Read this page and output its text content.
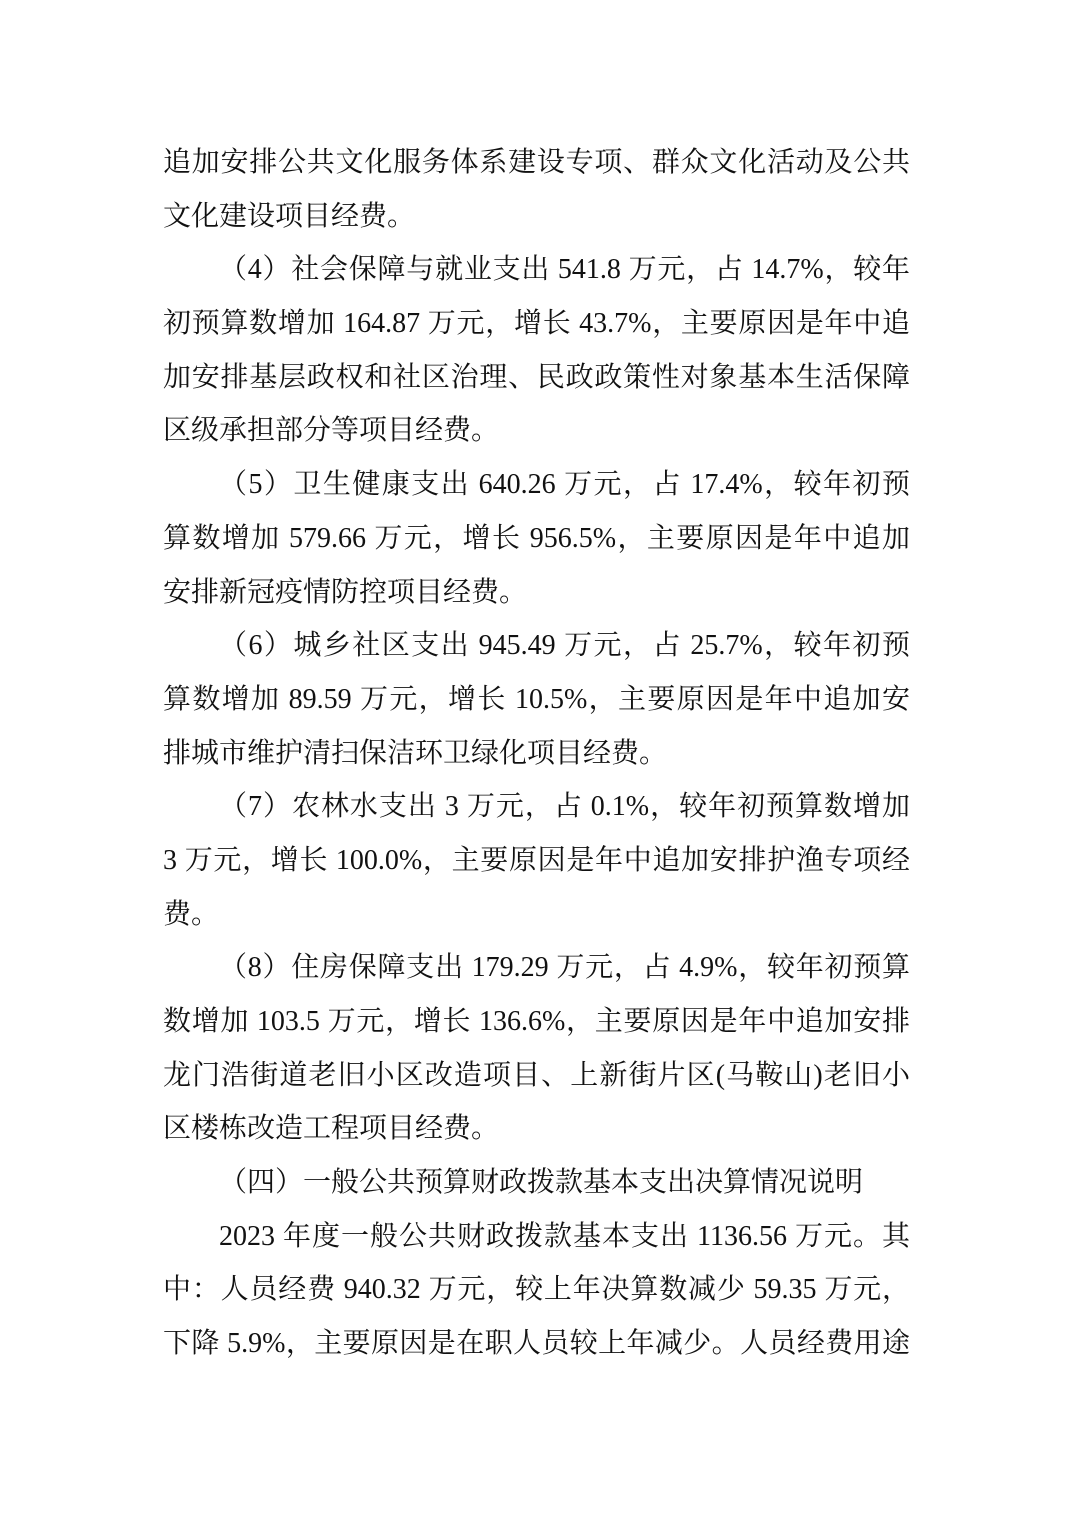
追加安排公共文化服务体系建设专项、群众文化活动及公共
文化建设项目经费。
（4）社会保障与就业支出 541.8 万元，占 14.7%，较年
初预算数增加 164.87 万元，增长 43.7%，主要原因是年中追
加安排基层政权和社区治理、民政政策性对象基本生活保障
区级承担部分等项目经费。
（5）卫生健康支出 640.26 万元，占 17.4%，较年初预
算数增加 579.66 万元，增长 956.5%，主要原因是年中追加
安排新冠疫情防控项目经费。
（6）城乡社区支出 945.49 万元，占 25.7%，较年初预
算数增加 89.59 万元，增长 10.5%，主要原因是年中追加安
排城市维护清扫保洁环卫绿化项目经费。
（7）农林水支出 3 万元，占 0.1%，较年初预算数增加
3 万元，增长 100.0%，主要原因是年中追加安排护渔专项经
费。
（8）住房保障支出 179.29 万元，占 4.9%，较年初预算
数增加 103.5 万元，增长 136.6%，主要原因是年中追加安排
龙门浩街道老旧小区改造项目、上新街片区(马鞍山)老旧小
区楼栋改造工程项目经费。
（四）一般公共预算财政拨款基本支出决算情况说明
2023 年度一般公共财政拨款基本支出 1136.56 万元。其
中：人员经费 940.32 万元，较上年决算数减少 59.35 万元，
下降 5.9%，主要原因是在职人员较上年减少。人员经费用途
